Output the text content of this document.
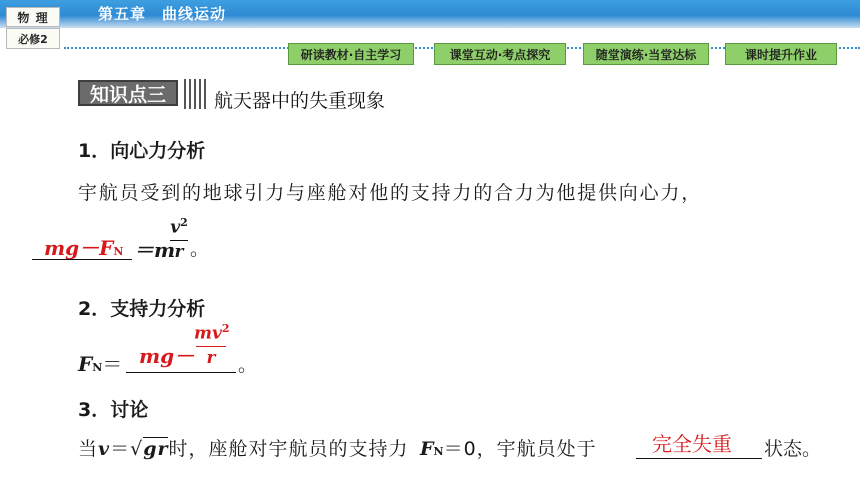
物 理
必修2
第五章　曲线运动
研读教材·自主学习	课堂互动·考点探究	随堂演练·当堂达标	课时提升作业
知识点三	航天器中的失重现象
1．向心力分析
宇航员受到的地球引力与座舱对他的支持力的合力为他提供向心力，
mg－FN ＝m
$v^2$
r 。
2．支持力分析
FN＝ mg－
$mv^2$
r	。
3．讨论
当v＝√gr时，座舱对宇航员的支持力 FN＝0，宇航员处于	完全失重 状态。
